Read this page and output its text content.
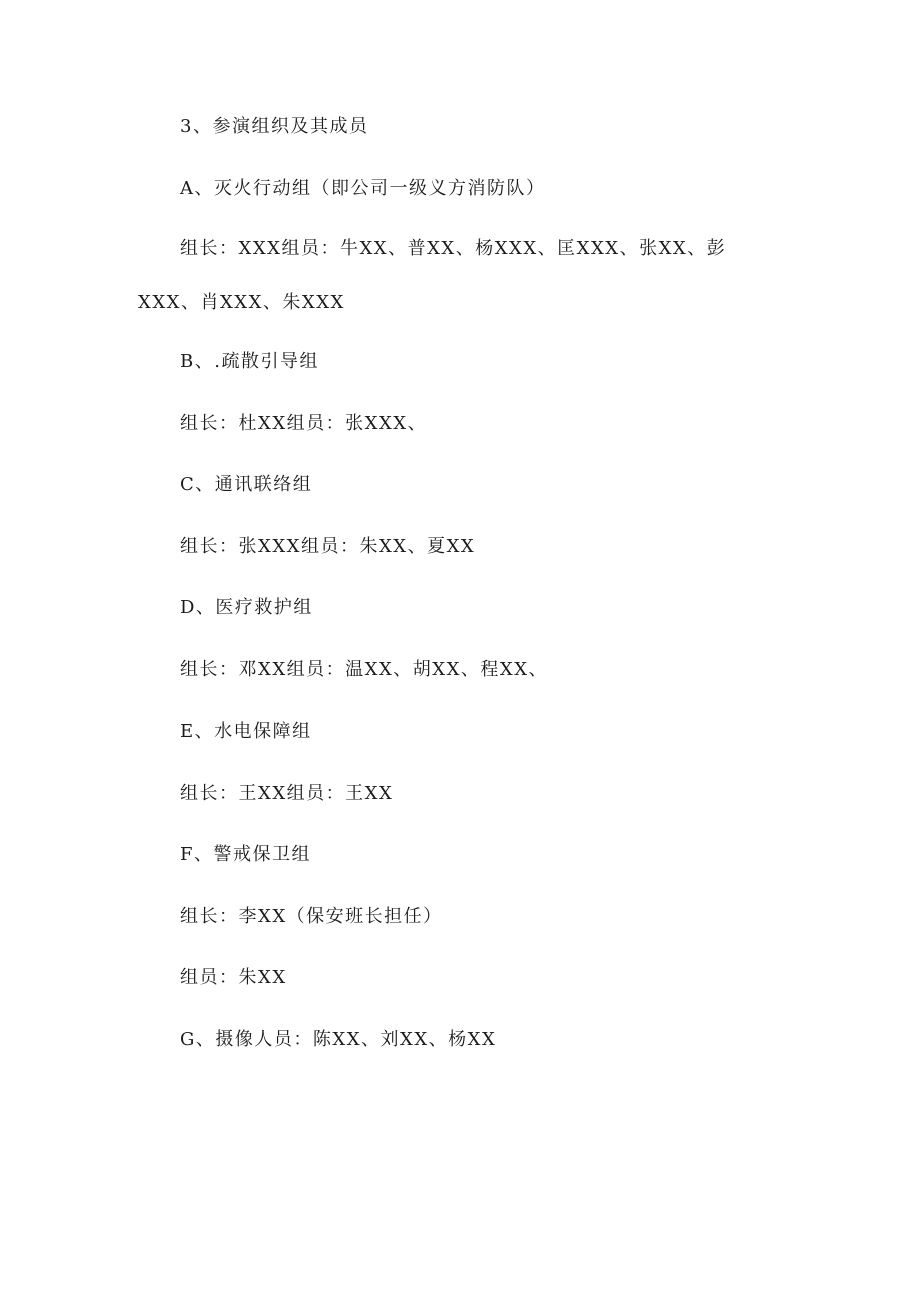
3、参演组织及其成员
A、灭火行动组（即公司一级义方消防队）
组长：XXX组员：牛XX、普XX、杨XXX、匡XXX、张XX、彭XXX、肖XXX、朱XXX
B、.疏散引导组
组长：杜XX组员：张XXX、
C、通讯联络组
组长：张XXX组员：朱XX、夏XX
D、医疗救护组
组长：邓XX组员：温XX、胡XX、程XX、
E、水电保障组
组长：王XX组员：王XX
F、警戒保卫组
组长：李XX（保安班长担任）
组员：朱XX
G、摄像人员：陈XX、刘XX、杨XX
